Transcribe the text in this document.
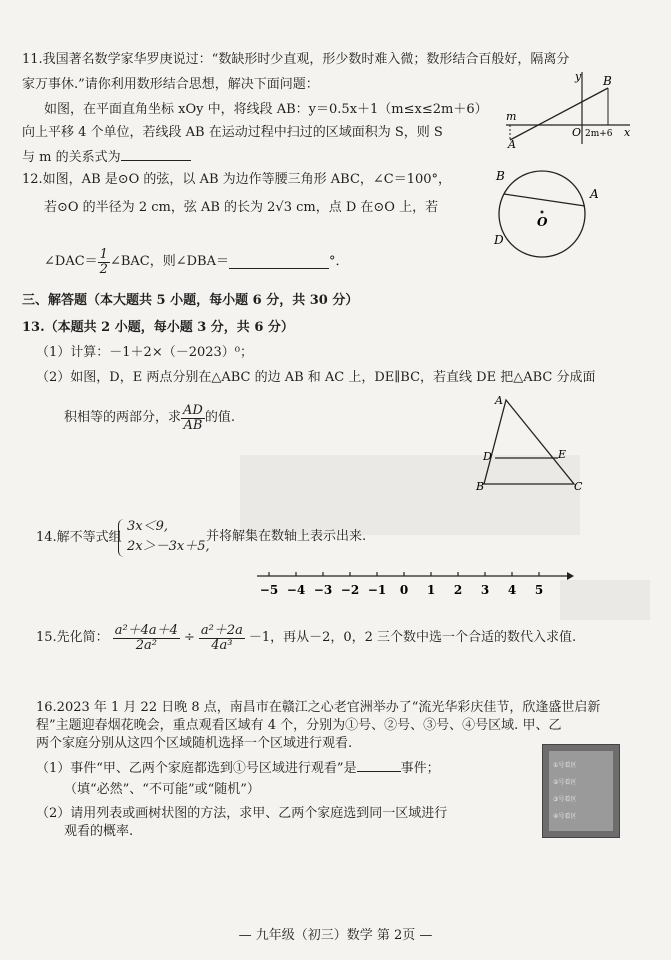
11.我国著名数学家华罗庚说过：“数缺形时少直观，形少数时难入微；数形结合百般好，隔离分
家万事休.”请你利用数形结合思想，解决下面问题：
如图，在平面直角坐标 xOy 中，将线段 AB：y＝0.5x＋1（m≤x≤2m＋6）
向上平移 4 个单位，若线段 AB 在运动过程中扫过的区域面积为 S，则 S
与 m 的关系式为
y B
m
O 2m+6 x
A
12.如图，AB 是⊙O 的弦，以 AB 为边作等腰三角形 ABC，∠C＝100°，
若⊙O 的半径为 2 cm，弦 AB 的长为 2√3 cm，点 D 在⊙O 上，若
∠DAC＝ $\frac{1}{2}$ ∠BAC，则∠DBA＝	°．
B
A
O
D
三、解答题（本大题共 5 小题，每小题 6 分，共 30 分）
13.（本题共 2 小题，每小题 3 分，共 6 分）
（1）计算：－1＋2×（－2023）⁰；
（2）如图，D，E 两点分别在△ABC 的边 AB 和 AC 上，DE∥BC，若直线 DE 把△ABC 分成面
积相等的两部分，求 $\frac{AD}{AB}$ 的值.
A
D	E
B	C
14.解不等式组
3x＜9,
2x＞－3x＋5,
并将解集在数轴上表示出来.
−5 −4 −3 −2 −1 0 1 2 3 4 5
15.先化简： $\frac{\text{a²＋4a＋4}}{\text{2a²}} \div \frac{\text{a²＋2a}}{\text{4a³}} -1$，再从－2，0，2 三个数中选一个合适的数代入求值.
16.2023 年 1 月 22 日晚 8 点，南昌市在赣江之心老官洲举办了“流光华彩庆佳节，欣逢盛世启新
程”主题迎春烟花晚会，重点观看区域有 4 个，分别为①号、②号、③号、④号区域. 甲、乙
两个家庭分别从这四个区域随机选择一个区域进行观看.
（1）事件“甲、乙两个家庭都选到①号区域进行观看”是	事件；
（填“必然”、“不可能”或“随机”）
（2）请用列表或画树状图的方法，求甲、乙两个家庭选到同一区域进行
观看的概率.
①号看区
②号看区
③号看区
④号看区
— 九年级（初三）数学 第 2页 —
